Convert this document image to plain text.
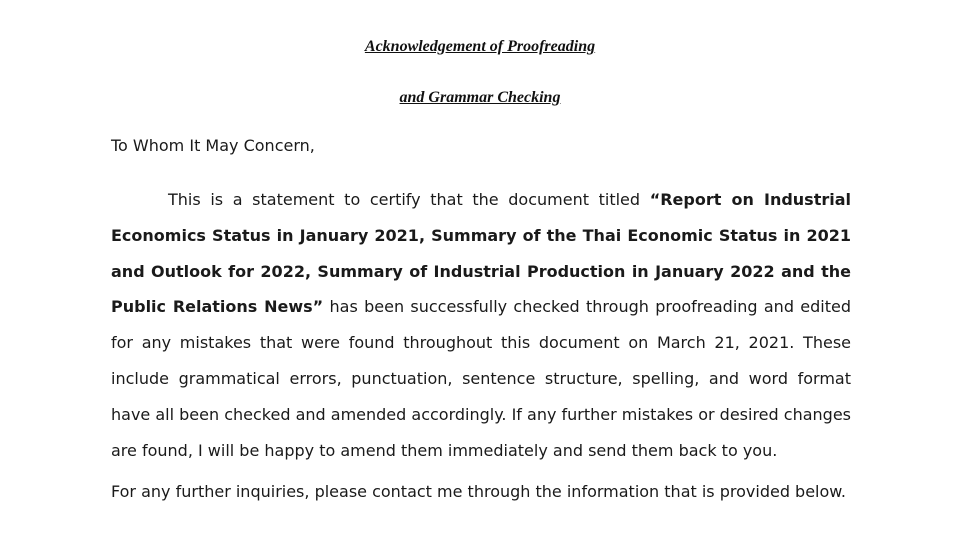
Acknowledgement of Proofreading
and Grammar Checking
To Whom It May Concern,
This is a statement to certify that the document titled “Report on Industrial Economics Status in January 2021, Summary of the Thai Economic Status in 2021 and Outlook for 2022, Summary of Industrial Production in January 2022 and the Public Relations News” has been successfully checked through proofreading and edited for any mistakes that were found throughout this document on March 21, 2021. These include grammatical errors, punctuation, sentence structure, spelling, and word format have all been checked and amended accordingly. If any further mistakes or desired changes are found, I will be happy to amend them immediately and send them back to you.
For any further inquiries, please contact me through the information that is provided below.
